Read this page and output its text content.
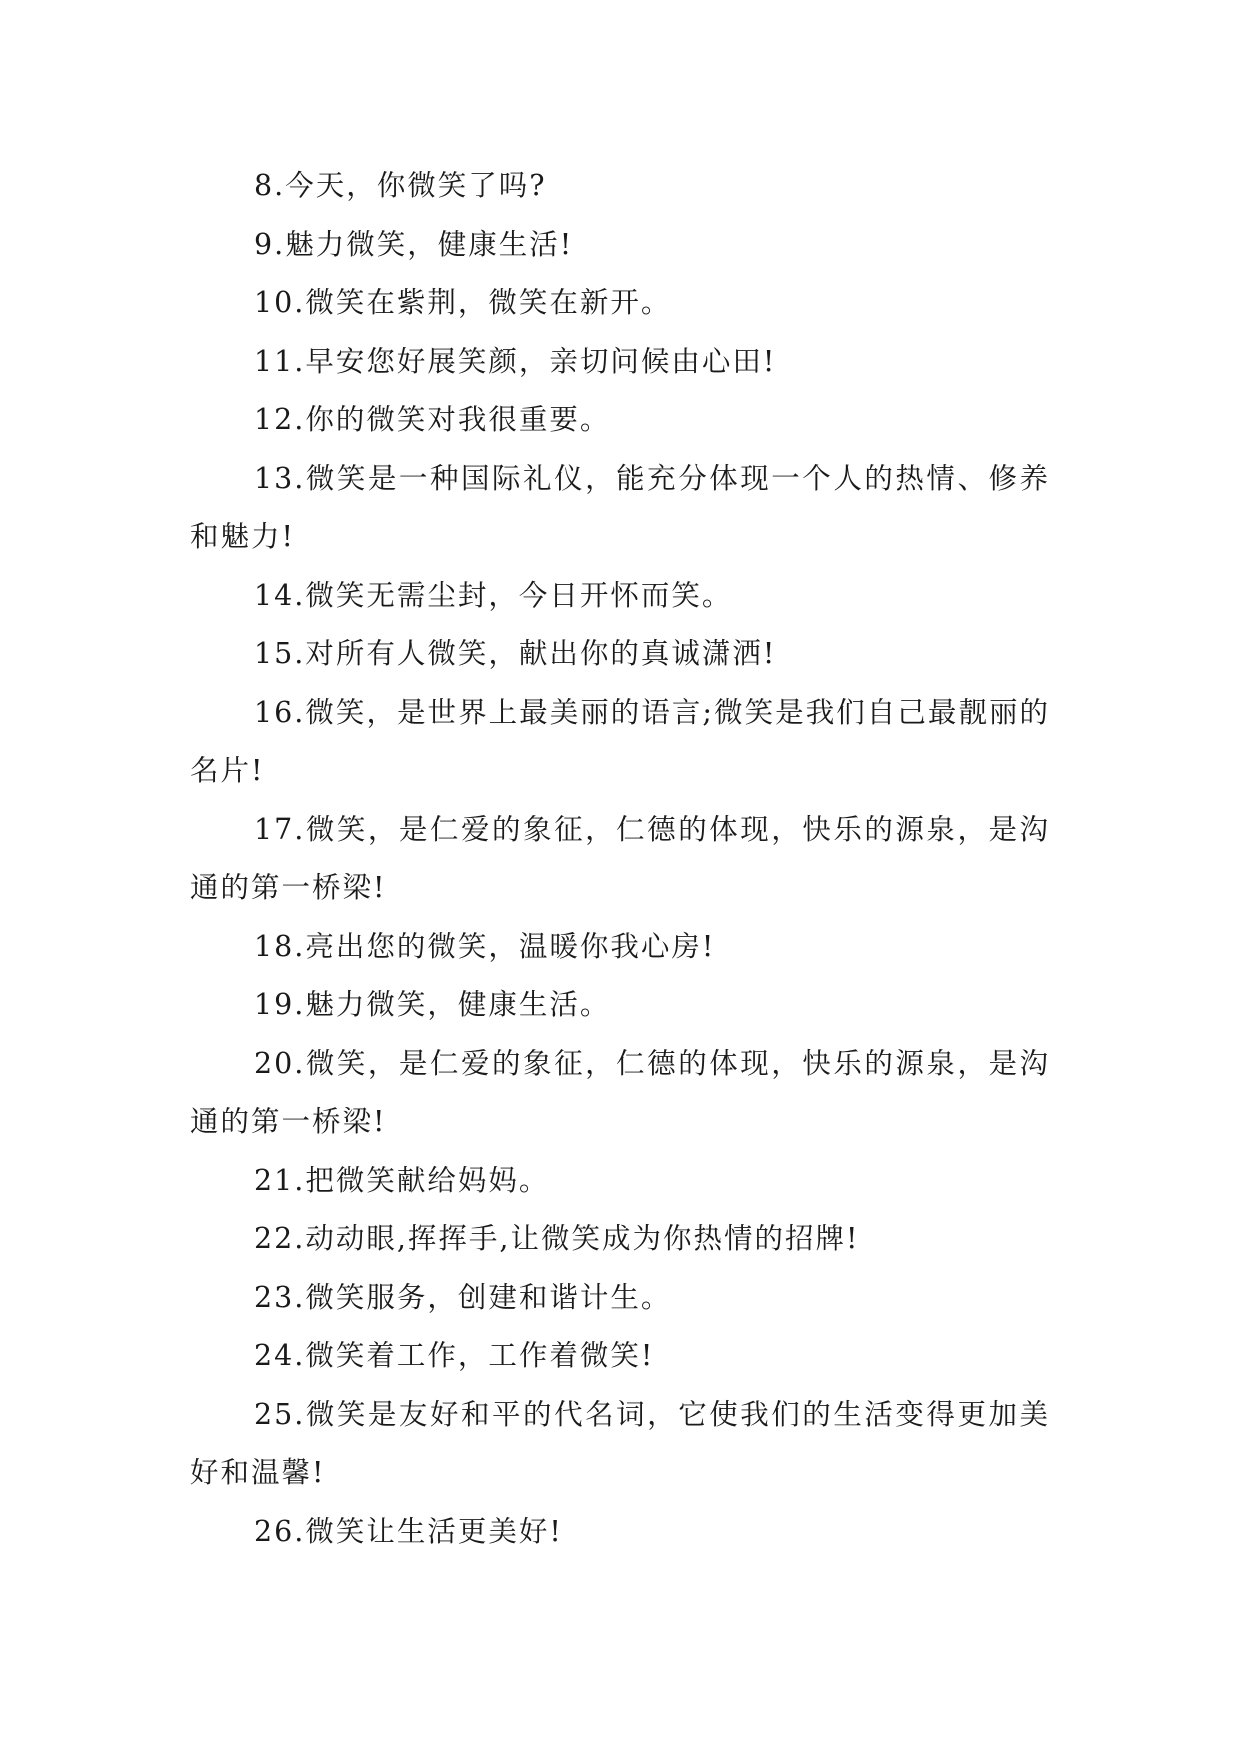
8.今天，你微笑了吗?

9.魅力微笑，健康生活!

10.微笑在紫荆，微笑在新开。

11.早安您好展笑颜，亲切问候由心田!

12.你的微笑对我很重要。

13.微笑是一种国际礼仪，能充分体现一个人的热情、修养和魅力!

14.微笑无需尘封，今日开怀而笑。

15.对所有人微笑，献出你的真诚潇洒!

16.微笑，是世界上最美丽的语言;微笑是我们自己最靓丽的名片!

17.微笑，是仁爱的象征，仁德的体现，快乐的源泉，是沟通的第一桥梁!

18.亮出您的微笑，温暖你我心房!

19.魅力微笑，健康生活。

20.微笑，是仁爱的象征，仁德的体现，快乐的源泉，是沟通的第一桥梁!

21.把微笑献给妈妈。

22.动动眼,挥挥手,让微笑成为你热情的招牌!

23.微笑服务，创建和谐计生。

24.微笑着工作，工作着微笑!

25.微笑是友好和平的代名词，它使我们的生活变得更加美好和温馨!

26.微笑让生活更美好!
